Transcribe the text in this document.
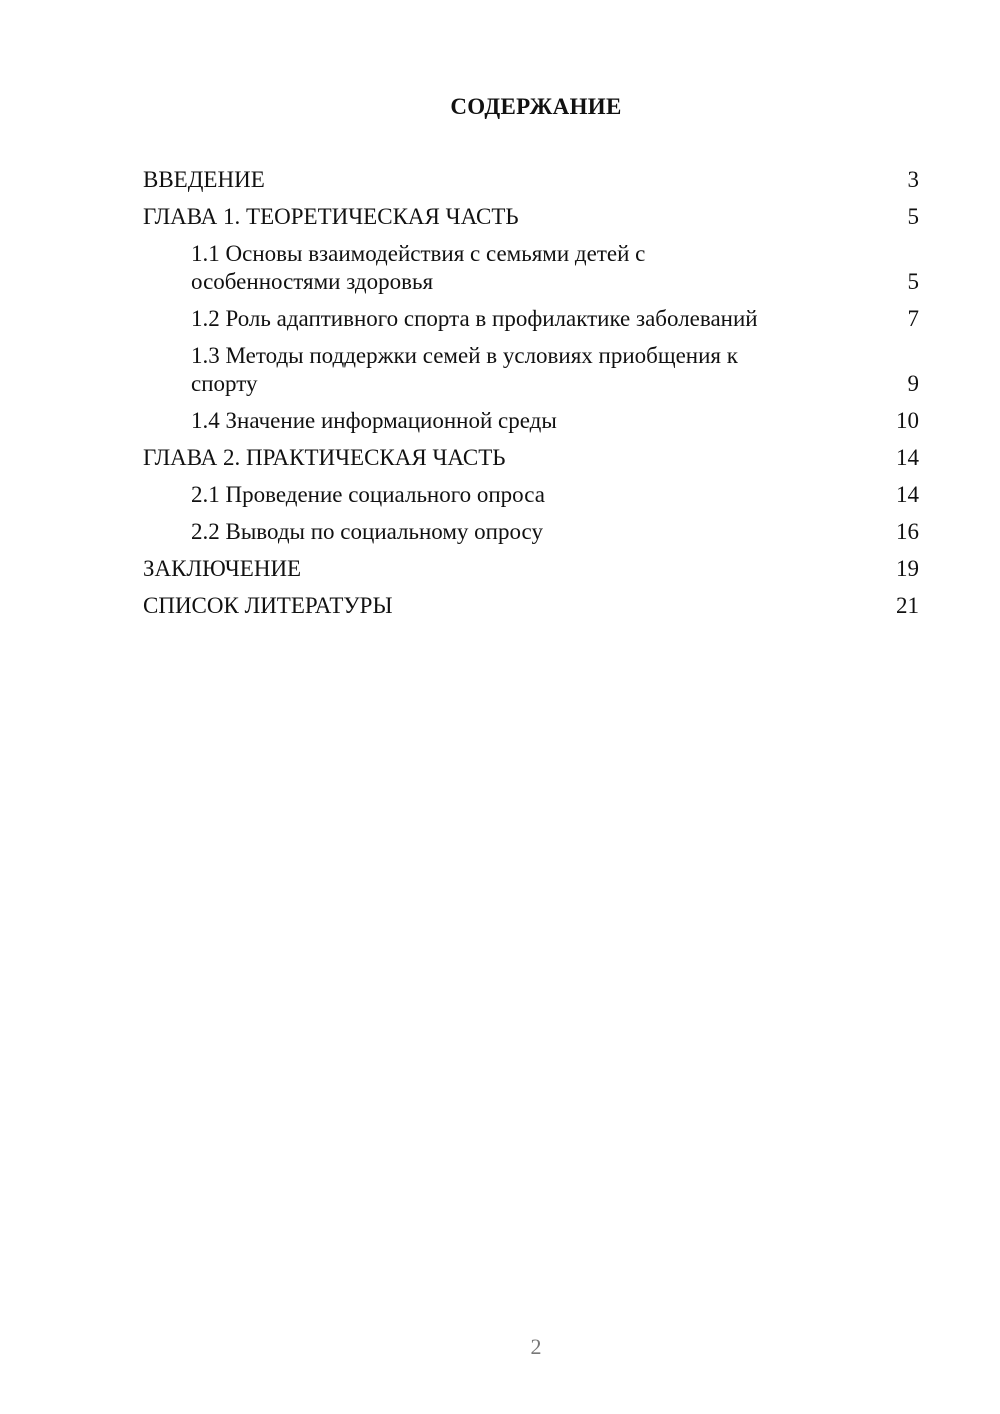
СОДЕРЖАНИЕ
ВВЕДЕНИЕ	3
ГЛАВА 1. ТЕОРЕТИЧЕСКАЯ ЧАСТЬ	5
1.1 Основы взаимодействия с семьями детей с особенностями здоровья	5
1.2 Роль адаптивного спорта в профилактике заболеваний	7
1.3 Методы поддержки семей в условиях приобщения к спорту	9
1.4 Значение информационной среды	10
ГЛАВА 2. ПРАКТИЧЕСКАЯ ЧАСТЬ	14
2.1 Проведение социального опроса	14
2.2 Выводы по социальному опросу	16
ЗАКЛЮЧЕНИЕ	19
СПИСОК ЛИТЕРАТУРЫ	21
2
